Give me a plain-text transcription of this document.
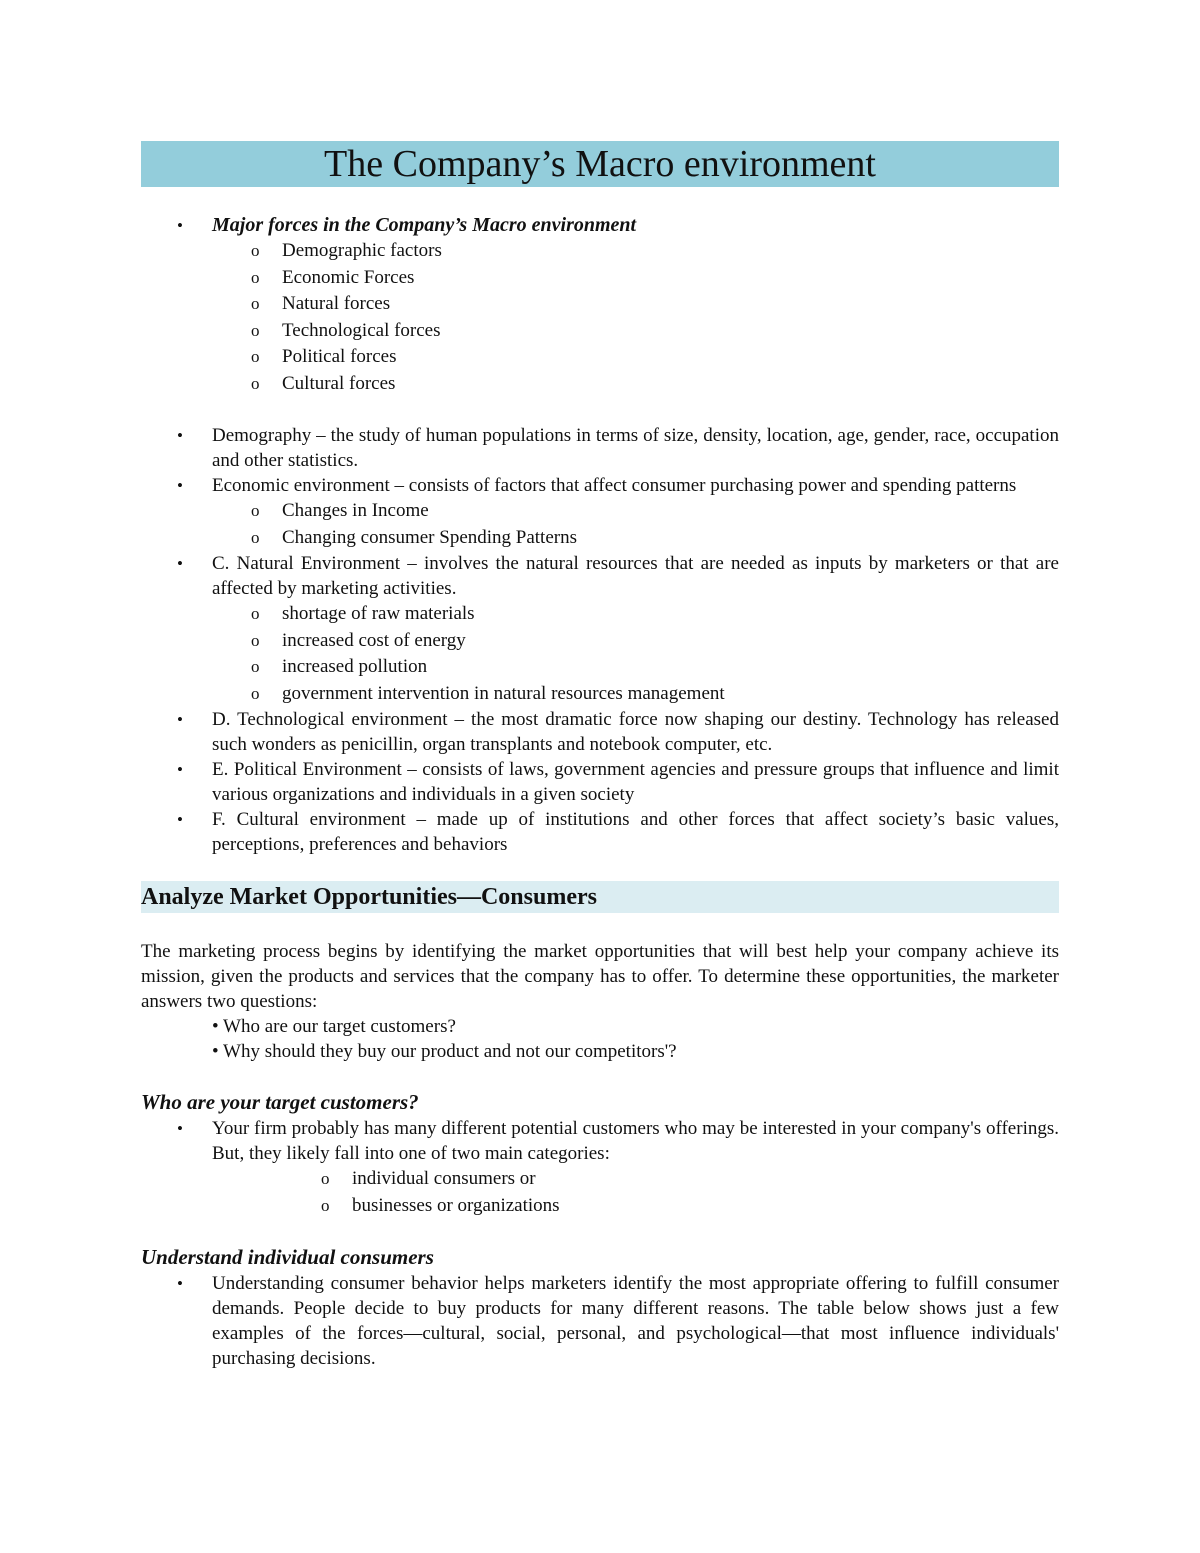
The Company’s Macro environment
• Major forces in the Company’s Macro environment
o Demographic factors
o Economic Forces
o Natural forces
o Technological forces
o Political forces
o Cultural forces
• Demography – the study of human populations in terms of size, density, location, age, gender, race, occupation and other statistics.
• Economic environment – consists of factors that affect consumer purchasing power and spending patterns
o Changes in Income
o Changing consumer Spending Patterns
• C. Natural Environment – involves the natural resources that are needed as inputs by marketers or that are affected by marketing activities.
o shortage of raw materials
o increased cost of energy
o increased pollution
o government intervention in natural resources management
• D. Technological environment – the most dramatic force now shaping our destiny. Technology has released such wonders as penicillin, organ transplants and notebook computer, etc.
• E. Political Environment – consists of laws, government agencies and pressure groups that influence and limit various organizations and individuals in a given society
• F. Cultural environment – made up of institutions and other forces that affect society’s basic values, perceptions, preferences and behaviors
Analyze Market Opportunities—Consumers

The marketing process begins by identifying the market opportunities that will best help your company achieve its mission, given the products and services that the company has to offer. To determine these opportunities, the marketer answers two questions:

• Who are our target customers?
• Why should they buy our product and not our competitors'?
Who are your target customers?
• Your firm probably has many different potential customers who may be interested in your company's offerings. But, they likely fall into one of two main categories:
o individual consumers or
o businesses or organizations
Understand individual consumers
• Understanding consumer behavior helps marketers identify the most appropriate offering to fulfill consumer demands. People decide to buy products for many different reasons. The table below shows just a few examples of the forces—cultural, social, personal, and psychological—that most influence individuals' purchasing decisions.
